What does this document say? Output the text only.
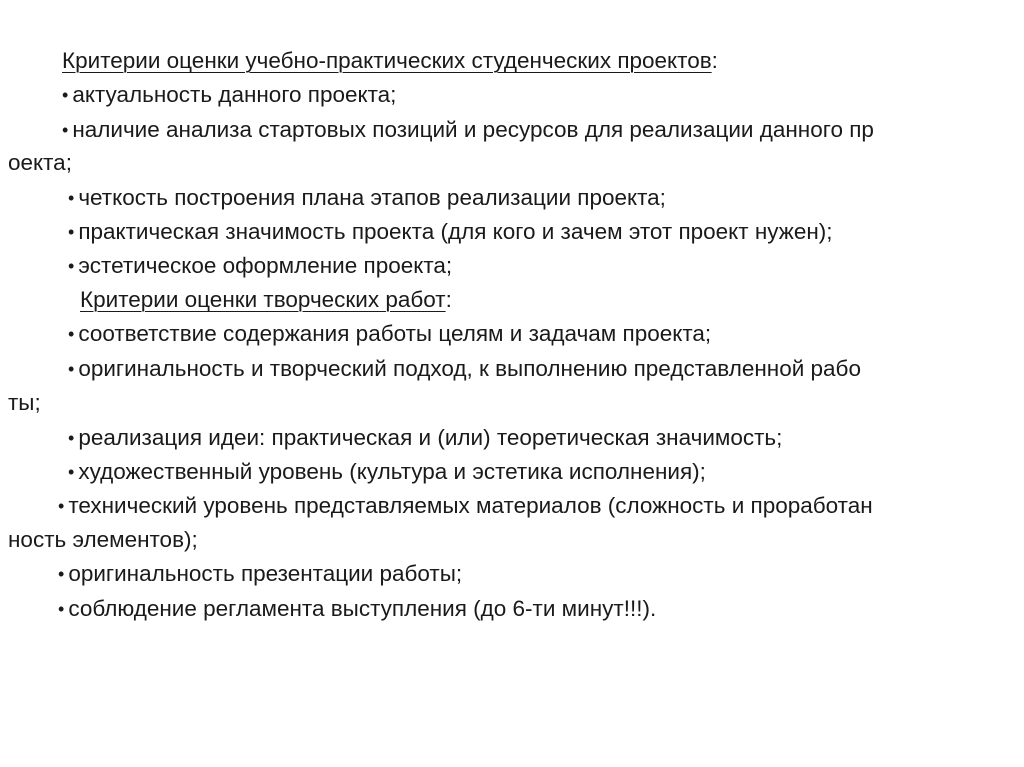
Критерии оценки учебно-практических студенческих проектов:
• актуальность данного проекта;
• наличие анализа стартовых позиций и ресурсов для реализации данного пр
оекта;
• четкость построения плана этапов реализации проекта;
• практическая значимость проекта (для кого и зачем этот проект нужен);
• эстетическое оформление проекта;
Критерии оценки творческих работ:
• соответствие содержания работы целям и задачам проекта;
• оригинальность и творческий подход, к выполнению представленной рабо
ты;
• реализация идеи: практическая и (или) теоретическая значимость;
• художественный уровень (культура и эстетика исполнения);
• технический уровень представляемых материалов (сложность и проработан
ность элементов);
• оригинальность презентации работы;
• соблюдение регламента выступления (до 6-ти минут!!!).
